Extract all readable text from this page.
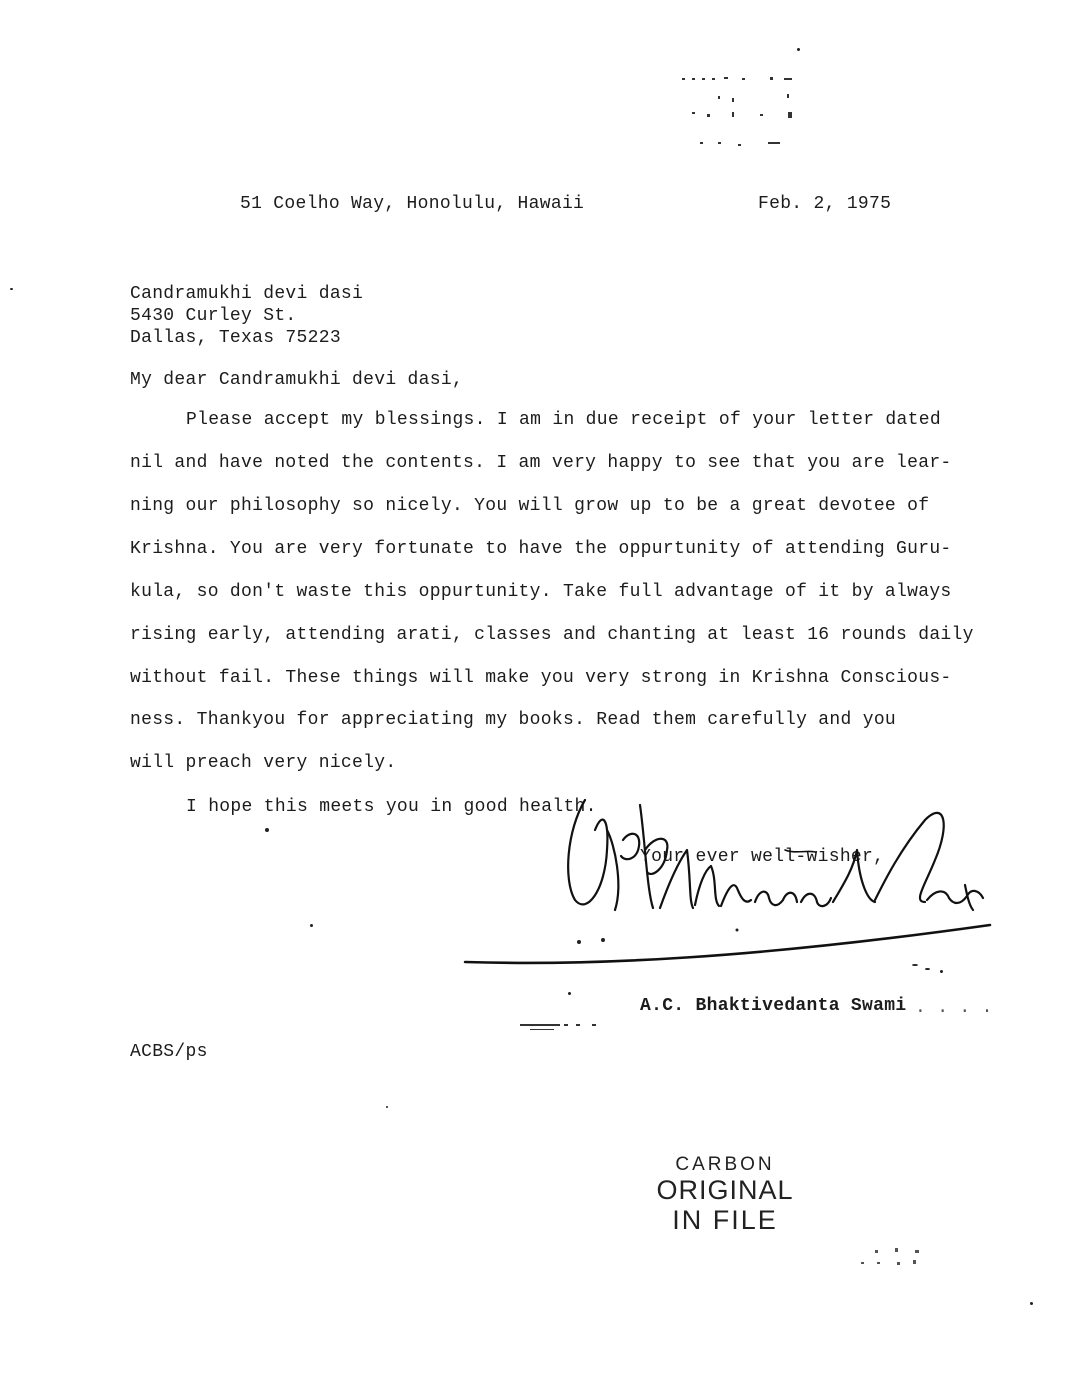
51 Coelho Way, Honolulu, Hawaii	Feb. 2, 1975
Candramukhi devi dasi
5430 Curley St.
Dallas, Texas 75223
My dear Candramukhi devi dasi,
Please accept my blessings. I am in due receipt of your letter dated
nil and have noted the contents. I am very happy to see that you are lear-
ning our philosophy so nicely. You will grow up to be a great devotee of
Krishna. You are very fortunate to have the oppurtunity of attending Guru-
kula, so don't waste this oppurtunity. Take full advantage of it by always
rising early, attending arati, classes and chanting at least 16 rounds daily
without fail. These things will make you very strong in Krishna Conscious-
ness. Thankyou for appreciating my books. Read them carefully and you
will preach very nicely.
I hope this meets you in good health.
Your ever well-wisher,
A.C. Bhaktivedanta Swami . . . .
ACBS/ps
CARBON
ORIGINAL
IN FILE
